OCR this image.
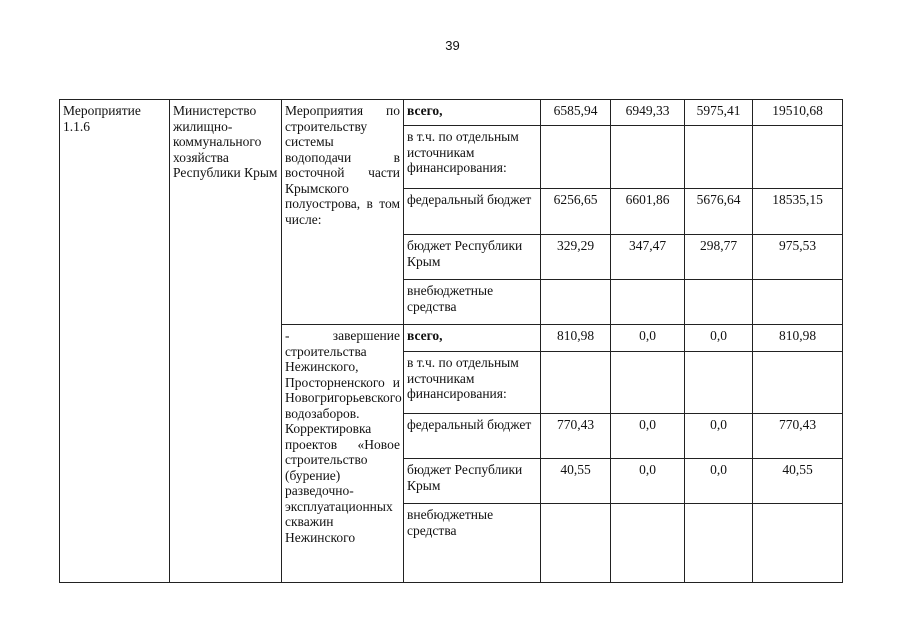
39
Мероприятие 1.1.6	Министерство жилищно-коммунального хозяйства Республики Крым	Мероприятия по строительству системы водоподачи в восточной части Крымского полуострова, в том числе:	всего,	6585,94	6949,33	5975,41	19510,68
			в т.ч. по отдельным источникам финансирования:				
			федеральный бюджет	6256,65	6601,86	5676,64	18535,15
			бюджет Республики Крым	329,29	347,47	298,77	975,53
			внебюджетные средства				
		- завершение строительства Нежинского, Просторненского и Новогригорьевского водозаборов. Корректировка проектов «Новое строительство (бурение) разведочно-эксплуатационных скважин Нежинского	всего,	810,98	0,0	0,0	810,98
			в т.ч. по отдельным источникам финансирования:				
			федеральный бюджет	770,43	0,0	0,0	770,43
			бюджет Республики Крым	40,55	0,0	0,0	40,55
			внебюджетные средства				
